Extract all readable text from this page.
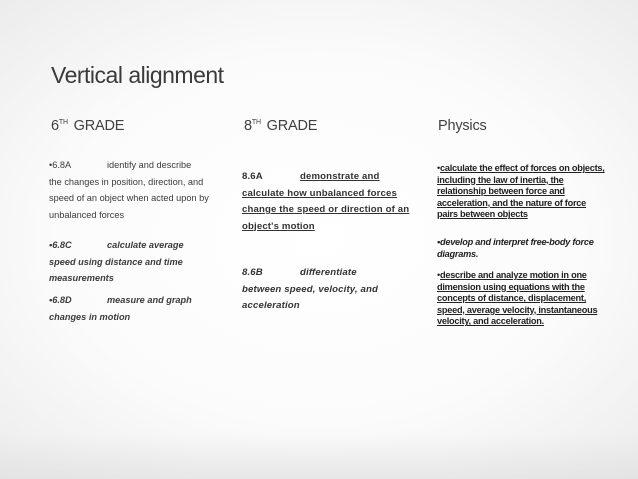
Vertical alignment
6TH GRADE	8TH GRADE	Physics
•6.8A	identify and describe
the changes in position, direction, and speed of an object when acted upon by unbalanced forces
•6.8C	calculate average
speed using distance and time measurements
•6.8D	measure and graph
changes in motion
8.6A	demonstrate and
calculate how unbalanced forces change the speed or direction of an object's motion
8.6B	differentiate
between speed, velocity, and acceleration
•calculate the effect of forces on objects, including the law of inertia, the relationship between force and acceleration, and the nature of force pairs between objects
•develop and interpret free-body force diagrams.
•describe and analyze motion in one dimension using equations with the concepts of distance, displacement, speed, average velocity, instantaneous velocity, and acceleration.
